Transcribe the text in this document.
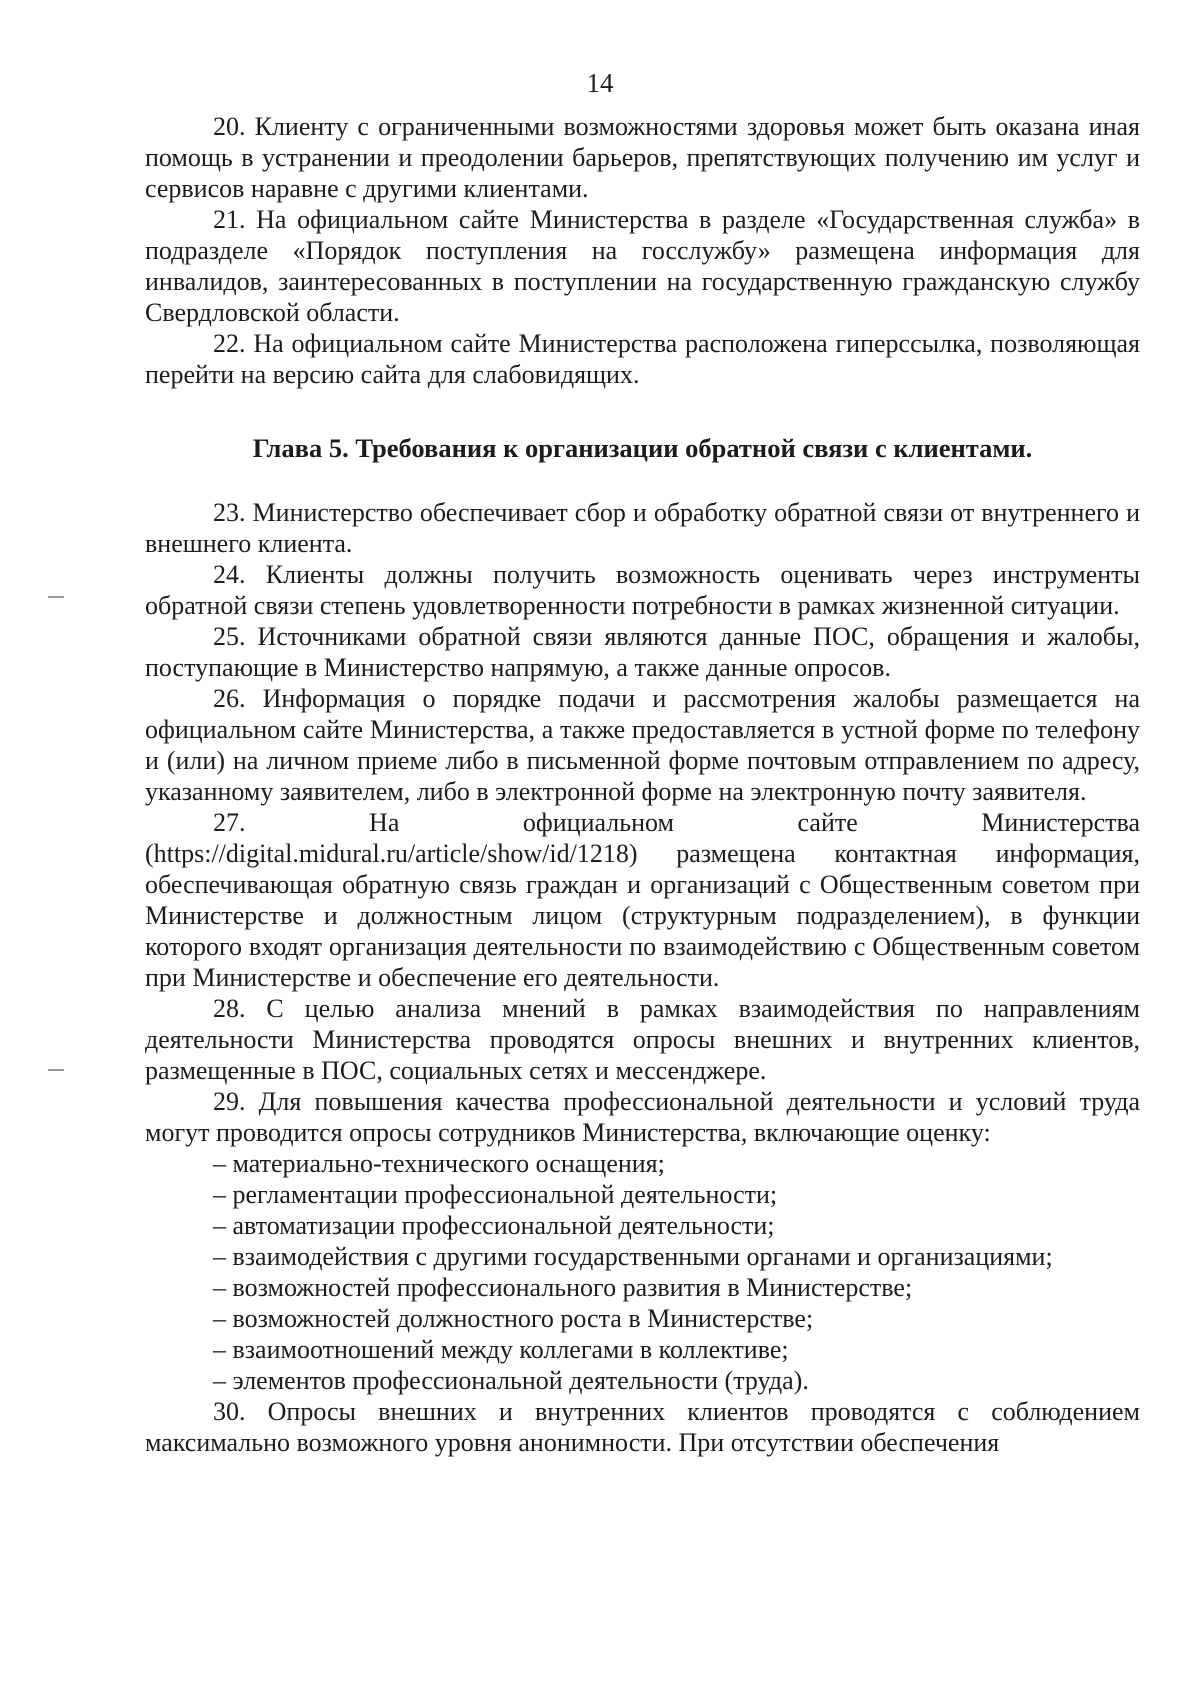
14

20. Клиенту с ограниченными возможностями здоровья может быть оказана иная помощь в устранении и преодолении барьеров, препятствующих получению им услуг и сервисов наравне с другими клиентами.

21. На официальном сайте Министерства в разделе «Государственная служба» в подразделе «Порядок поступления на госслужбу» размещена информация для инвалидов, заинтересованных в поступлении на государственную гражданскую службу Свердловской области.

22. На официальном сайте Министерства расположена гиперссылка, позволяющая перейти на версию сайта для слабовидящих.

Глава 5. Требования к организации обратной связи с клиентами.

23. Министерство обеспечивает сбор и обработку обратной связи от внутреннего и внешнего клиента.

24. Клиенты должны получить возможность оценивать через инструменты обратной связи степень удовлетворенности потребности в рамках жизненной ситуации.

25. Источниками обратной связи являются данные ПОС, обращения и жалобы, поступающие в Министерство напрямую, а также данные опросов.

26. Информация о порядке подачи и рассмотрения жалобы размещается на официальном сайте Министерства, а также предоставляется в устной форме по телефону и (или) на личном приеме либо в письменной форме почтовым отправлением по адресу, указанному заявителем, либо в электронной форме на электронную почту заявителя.

27. На официальном сайте Министерства (https://digital.midural.ru/article/show/id/1218) размещена контактная информация, обеспечивающая обратную связь граждан и организаций с Общественным советом при Министерстве и должностным лицом (структурным подразделением), в функции которого входят организация деятельности по взаимодействию с Общественным советом при Министерстве и обеспечение его деятельности.

28. С целью анализа мнений в рамках взаимодействия по направлениям деятельности Министерства проводятся опросы внешних и внутренних клиентов, размещенные в ПОС, социальных сетях и мессенджере.

29. Для повышения качества профессиональной деятельности и условий труда могут проводится опросы сотрудников Министерства, включающие оценку:

– материально-технического оснащения;
– регламентации профессиональной деятельности;
– автоматизации профессиональной деятельности;
– взаимодействия с другими государственными органами и организациями;
– возможностей профессионального развития в Министерстве;
– возможностей должностного роста в Министерстве;
– взаимоотношений между коллегами в коллективе;
– элементов профессиональной деятельности (труда).

30. Опросы внешних и внутренних клиентов проводятся с соблюдением максимально возможного уровня анонимности. При отсутствии обеспечения
